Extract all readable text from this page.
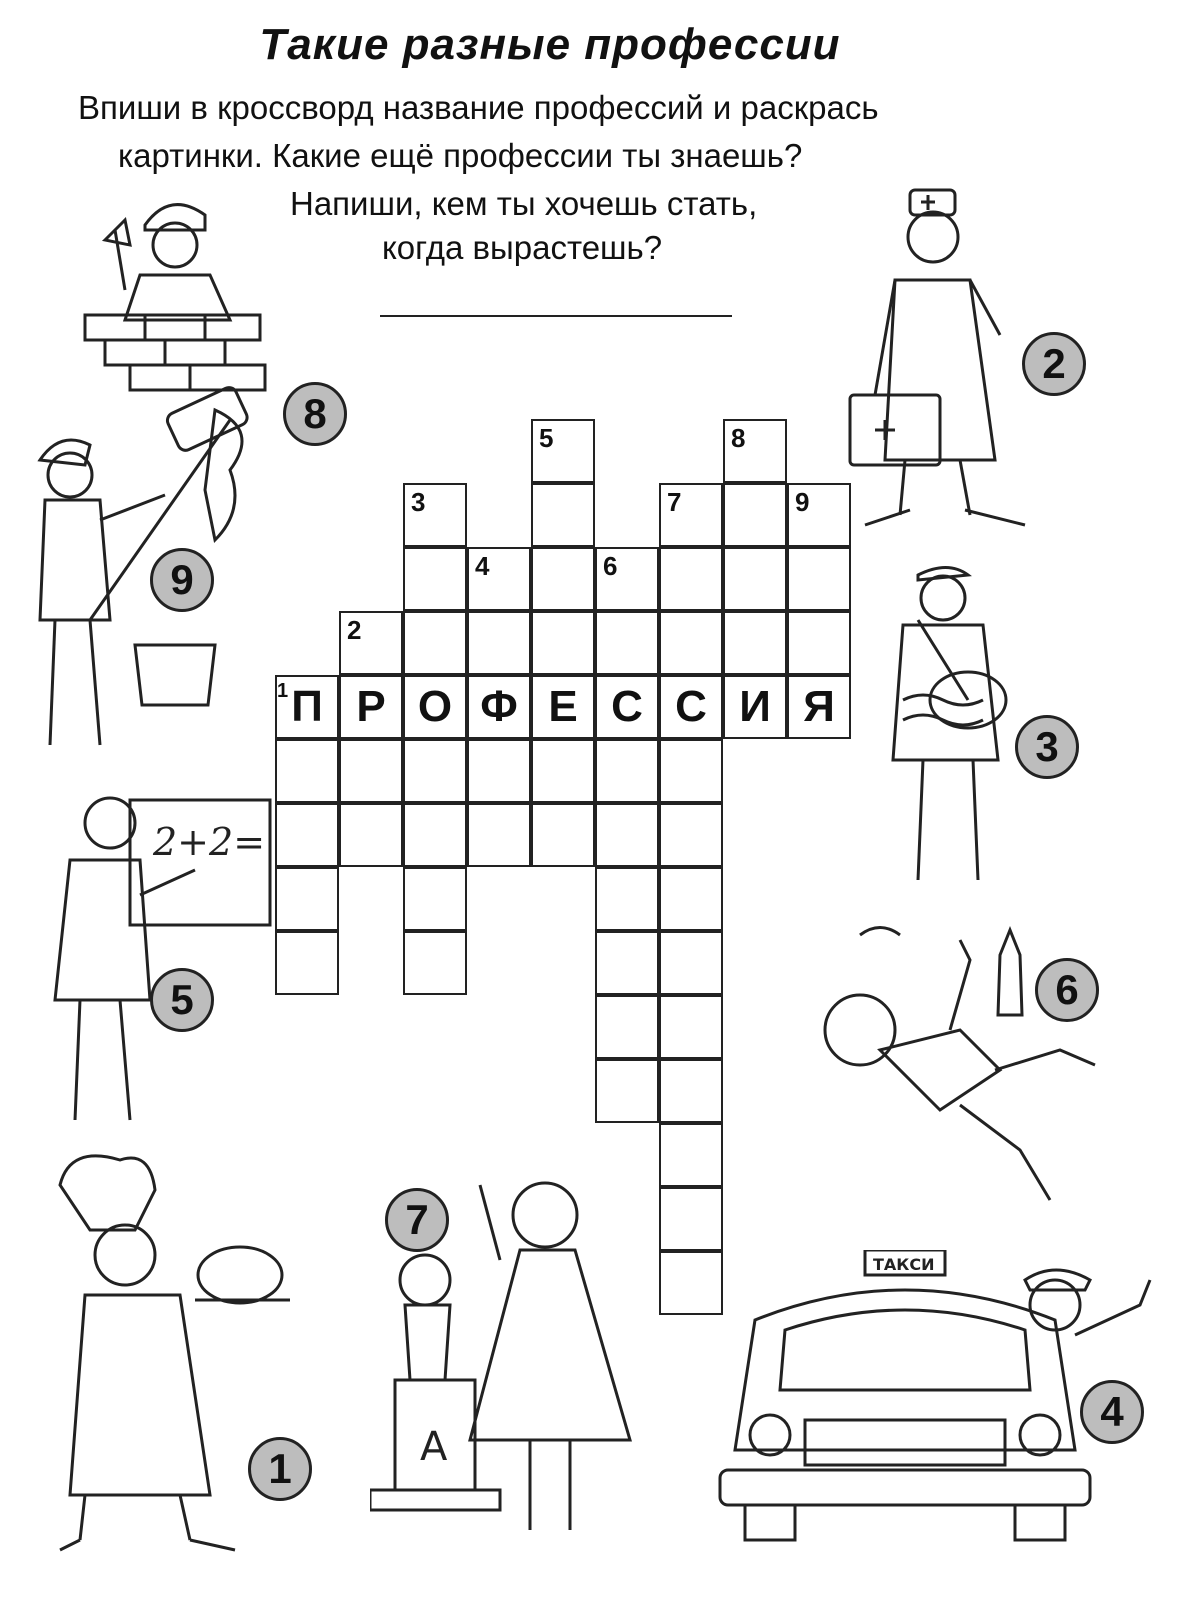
Такие разные профессии
Впиши в кроссворд название профессий и раскрась
картинки. Какие ещё профессии ты знаешь?
Напиши, кем ты хочешь стать,
когда вырастешь?
П Р О Ф Е С С И Я
1
2
3
4
5
6
7
8
9
1
2
3
4
5	6
7
8
9
2+2=
А
ТАКСИ
